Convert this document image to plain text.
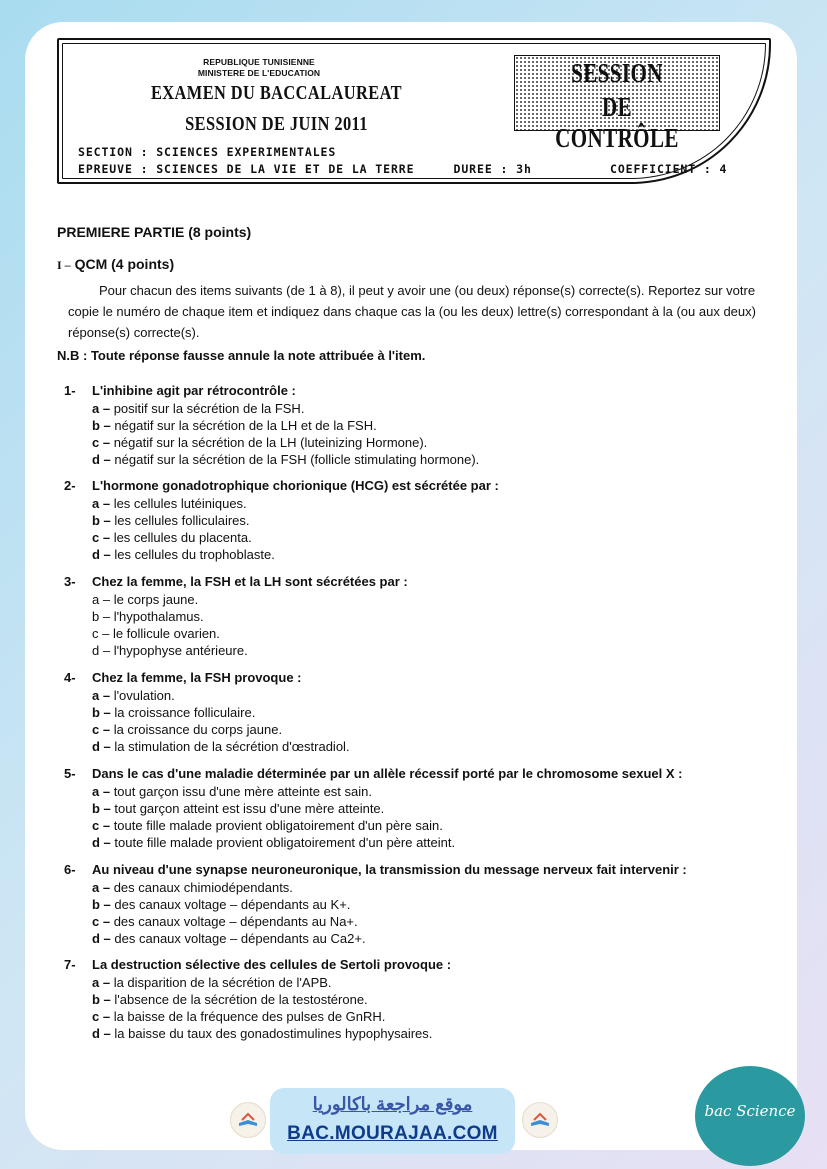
REPUBLIQUE TUNISIENNE
MINISTERE DE L'EDUCATION
EXAMEN DU BACCALAUREAT
SESSION DE JUIN 2011
SESSION
DE CONTRÔLE
SECTION : SCIENCES EXPERIMENTALES
EPREUVE : SCIENCES DE LA VIE ET DE LA TERRE     DUREE : 3h          COEFFICIENT : 4
PREMIERE PARTIE (8 points)
I – QCM (4 points)
Pour chacun des items suivants (de 1 à 8), il peut y avoir une (ou deux) réponse(s) correcte(s). Reportez sur votre copie le numéro de chaque item et indiquez dans chaque cas la (ou les deux) lettre(s) correspondant à la (ou aux deux) réponse(s) correcte(s).
N.B : Toute réponse fausse annule la note attribuée à l'item.
1- L'inhibine agit par rétrocontrôle :
a – positif sur la sécrétion de la FSH.
b – négatif sur la sécrétion de la LH et de la FSH.
c – négatif sur la sécrétion de la LH (luteinizing Hormone).
d – négatif sur la sécrétion de la FSH (follicle stimulating hormone).
2- L'hormone gonadotrophique chorionique (HCG) est sécrétée par :
a – les cellules lutéiniques.
b – les cellules folliculaires.
c – les cellules du placenta.
d – les cellules du trophoblaste.
3- Chez la femme, la FSH et la LH sont sécrétées par :
a – le corps jaune.
b – l'hypothalamus.
c – le follicule ovarien.
d – l'hypophyse antérieure.
4- Chez la femme, la FSH provoque :
a – l'ovulation.
b – la croissance folliculaire.
c – la croissance du corps jaune.
d – la stimulation de la sécrétion d'œstradiol.
5- Dans le cas d'une maladie déterminée par un allèle récessif porté par le chromosome sexuel X :
a – tout garçon issu d'une mère atteinte est sain.
b – tout garçon atteint est issu d'une mère atteinte.
c – toute fille malade provient obligatoirement d'un père sain.
d – toute fille malade provient obligatoirement d'un père atteint.
6- Au niveau d'une synapse neuroneuronique, la transmission du message nerveux fait intervenir :
a – des canaux chimiodépendants.
b – des canaux voltage – dépendants au K+.
c – des canaux voltage – dépendants au Na+.
d – des canaux voltage – dépendants au Ca2+.
7- La destruction sélective des cellules de Sertoli provoque :
a – la disparition de la sécrétion de l'APB.
b – l'absence de la sécrétion de la testostérone.
c – la baisse de la fréquence des pulses de GnRH.
d – la baisse du taux des gonadostimulines hypophysaires.
موقع مراجعة باكالوريا
BAC.MOURAJAA.COM
bac Science
